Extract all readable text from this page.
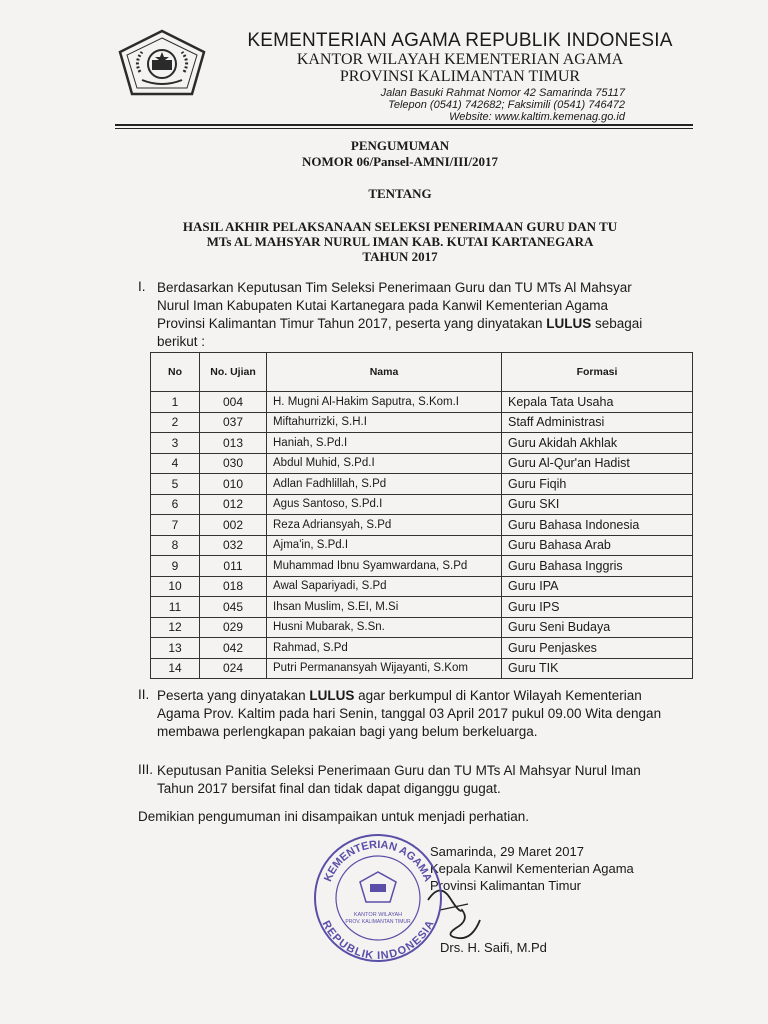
KEMENTERIAN AGAMA REPUBLIK INDONESIA
KANTOR WILAYAH KEMENTERIAN AGAMA
PROVINSI KALIMANTAN TIMUR
Jalan Basuki Rahmat Nomor 42 Samarinda 75117
Telepon (0541) 742682; Faksimili (0541) 746472
Website: www.kaltim.kemenag.go.id
PENGUMUMAN
NOMOR 06/Pansel-AMNI/III/2017
TENTANG
HASIL AKHIR PELAKSANAAN SELEKSI PENERIMAAN GURU DAN TU
MTs AL MAHSYAR NURUL IMAN KAB. KUTAI KARTANEGARA
TAHUN 2017
I. Berdasarkan Keputusan Tim Seleksi Penerimaan Guru dan TU MTs Al Mahsyar
Nurul Iman Kabupaten Kutai Kartanegara pada Kanwil Kementerian Agama
Provinsi Kalimantan Timur Tahun 2017, peserta yang dinyatakan LULUS sebagai
berikut :
No	No. Ujian	Nama	Formasi
1	004	H. Mugni Al-Hakim Saputra, S.Kom.I	Kepala Tata Usaha
2	037	Miftahurrizki, S.H.I	Staff Administrasi
3	013	Haniah, S.Pd.I	Guru Akidah Akhlak
4	030	Abdul Muhid, S.Pd.I	Guru Al-Qur'an Hadist
5	010	Adlan Fadhlillah, S.Pd	Guru Fiqih
6	012	Agus Santoso, S.Pd.I	Guru SKI
7	002	Reza Adriansyah, S.Pd	Guru Bahasa Indonesia
8	032	Ajma'in, S.Pd.I	Guru Bahasa Arab
9	011	Muhammad Ibnu Syamwardana, S.Pd	Guru Bahasa Inggris
10	018	Awal Sapariyadi, S.Pd	Guru IPA
11	045	Ihsan Muslim, S.EI, M.Si	Guru IPS
12	029	Husni Mubarak, S.Sn.	Guru Seni Budaya
13	042	Rahmad, S.Pd	Guru Penjaskes
14	024	Putri Permanansyah Wijayanti, S.Kom	Guru TIK
II. Peserta yang dinyatakan LULUS agar berkumpul di Kantor Wilayah Kementerian
Agama Prov. Kaltim pada hari Senin, tanggal 03 April 2017 pukul 09.00 Wita dengan
membawa perlengkapan pakaian bagi yang belum berkeluarga.
III. Keputusan Panitia Seleksi Penerimaan Guru dan TU MTs Al Mahsyar Nurul Iman
Tahun 2017 bersifat final dan tidak dapat diganggu gugat.
Demikian pengumuman ini disampaikan untuk menjadi perhatian.
Samarinda, 29 Maret 2017
Kepala Kanwil Kementerian Agama
Provinsi Kalimantan Timur
Drs. H. Saifi, M.Pd
KEMENTERIAN AGAMA
REPUBLIK INDONESIA
KANTOR WILAYAH
PROV. KALIMANTAN TIMUR
